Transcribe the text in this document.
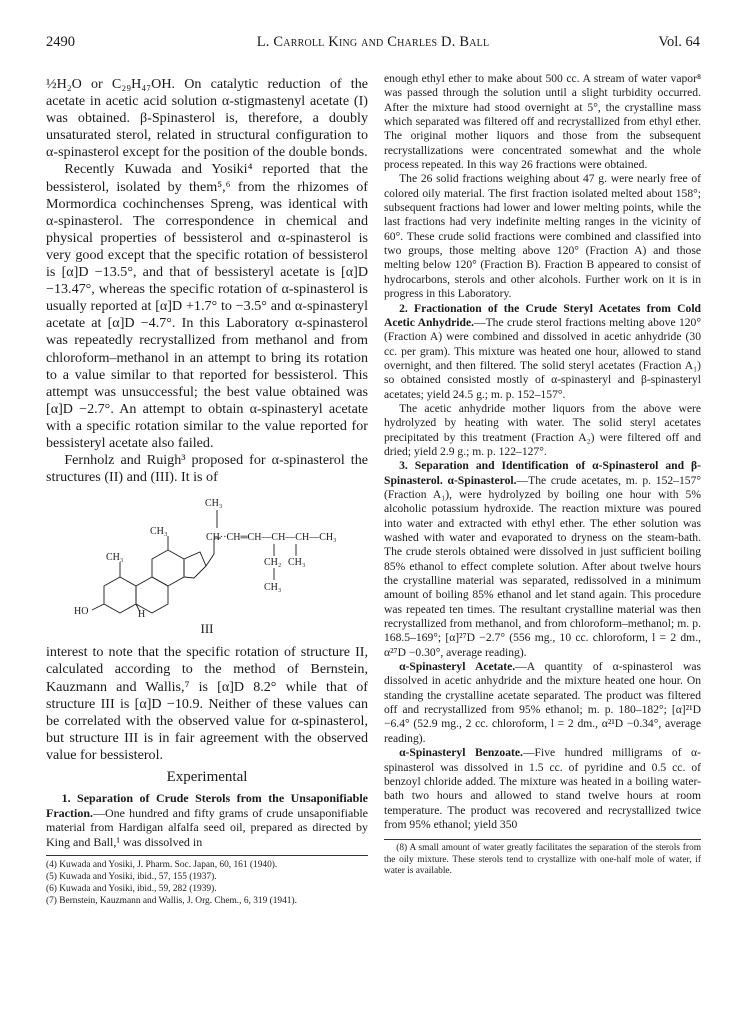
2490	L. Carroll King and Charles D. Ball	Vol. 64

½H₂O or C₂₉H₄₇OH. On catalytic reduction of the acetate in acetic acid solution α-stigmastenyl acetate (I) was obtained. β-Spinasterol is, therefore, a doubly unsaturated sterol, related in structural configuration to α-spinasterol except for the position of the double bonds.

Recently Kuwada and Yosiki⁴ reported that the bessisterol, isolated by them⁵,⁶ from the rhizomes of Mormordica cochinchenses Spreng, was identical with α-spinasterol. The correspondence in chemical and physical properties of bessisterol and α-spinasterol is very good except that the specific rotation of bessisterol is [α]D −13.5°, and that of bessisteryl acetate is [α]D −13.47°, whereas the specific rotation of α-spinasterol is usually reported at [α]D +1.7° to −3.5° and α-spinasteryl acetate at [α]D −4.7°. In this Laboratory α-spinasterol was repeatedly recrystallized from methanol and from chloroform–methanol in an attempt to bring its rotation to a value similar to that reported for bessisterol. This attempt was unsuccessful; the best value obtained was [α]D −2.7°. An attempt to obtain α-spinasteryl acetate with a specific rotation similar to the value reported for bessisteryl acetate also failed.

Fernholz and Ruigh³ proposed for α-spinasterol the structures (II) and (III). It is of

CH₃
CH₃
CH··CH═CH—CH—CH—CH₃
CH₂ CH₃
CH₃
CH₃
HO	H
III

interest to note that the specific rotation of structure II, calculated according to the method of Bernstein, Kauzmann and Wallis,⁷ is [α]D 8.2° while that of structure III is [α]D −10.9. Neither of these values can be correlated with the observed value for α-spinasterol, but structure III is in fair agreement with the observed value for bessisterol.

Experimental

1. Separation of Crude Sterols from the Unsaponifiable Fraction.—One hundred and fifty grams of crude unsaponifiable material from Hardigan alfalfa seed oil, prepared as directed by King and Ball,¹ was dissolved in

(4) Kuwada and Yosiki, J. Pharm. Soc. Japan, 60, 161 (1940).
(5) Kuwada and Yosiki, ibid., 57, 155 (1937).
(6) Kuwada and Yosiki, ibid., 59, 282 (1939).
(7) Bernstein, Kauzmann and Wallis, J. Org. Chem., 6, 319 (1941).

enough ethyl ether to make about 500 cc. A stream of water vapor⁸ was passed through the solution until a slight turbidity occurred. After the mixture had stood overnight at 5°, the crystalline mass which separated was filtered off and recrystallized from ethyl ether. The original mother liquors and those from the subsequent recrystallizations were concentrated somewhat and the whole process repeated. In this way 26 fractions were obtained.

The 26 solid fractions weighing about 47 g. were nearly free of colored oily material. The first fraction isolated melted about 158°; subsequent fractions had lower and lower melting points, while the last fractions had very indefinite melting ranges in the vicinity of 60°. These crude solid fractions were combined and classified into two groups, those melting above 120° (Fraction A) and those melting below 120° (Fraction B). Fraction B appeared to consist of hydrocarbons, sterols and other alcohols. Further work on it is in progress in this Laboratory.

2. Fractionation of the Crude Steryl Acetates from Cold Acetic Anhydride.—The crude sterol fractions melting above 120° (Fraction A) were combined and dissolved in acetic anhydride (30 cc. per gram). This mixture was heated one hour, allowed to stand overnight, and then filtered. The solid steryl acetates (Fraction A₁) so obtained consisted mostly of α-spinasteryl and β-spinasteryl acetates; yield 24.5 g.; m. p. 152–157°.

The acetic anhydride mother liquors from the above were hydrolyzed by heating with water. The solid steryl acetates precipitated by this treatment (Fraction A₂) were filtered off and dried; yield 2.9 g.; m. p. 122–127°.

3. Separation and Identification of α-Spinasterol and β-Spinasterol. α-Spinasterol.—The crude acetates, m. p. 152–157° (Fraction A₁), were hydrolyzed by boiling one hour with 5% alcoholic potassium hydroxide. The reaction mixture was poured into water and extracted with ethyl ether. The ether solution was washed with water and evaporated to dryness on the steam-bath. The crude sterols obtained were dissolved in just sufficient boiling 85% ethanol to effect complete solution. After about twelve hours the crystalline material was separated, redissolved in a minimum amount of boiling 85% ethanol and let stand again. This procedure was repeated ten times. The resultant crystalline material was then recrystallized from methanol, and from chloroform–methanol; m. p. 168.5–169°; [α]²⁷D −2.7° (556 mg., 10 cc. chloroform, l = 2 dm., α²⁷D −0.30°, average reading).

α-Spinasteryl Acetate.—A quantity of α-spinasterol was dissolved in acetic anhydride and the mixture heated one hour. On standing the crystalline acetate separated. The product was filtered off and recrystallized from 95% ethanol; m. p. 180–182°; [α]²¹D −6.4° (52.9 mg., 2 cc. chloroform, l = 2 dm., α²¹D −0.34°, average reading).

α-Spinasteryl Benzoate.—Five hundred milligrams of α-spinasterol was dissolved in 1.5 cc. of pyridine and 0.5 cc. of benzoyl chloride added. The mixture was heated in a boiling water-bath two hours and allowed to stand twelve hours at room temperature. The product was recovered and recrystallized twice from 95% ethanol; yield 350

(8) A small amount of water greatly facilitates the separation of the sterols from the oily mixture. These sterols tend to crystallize with one-half mole of water, if water is available.
